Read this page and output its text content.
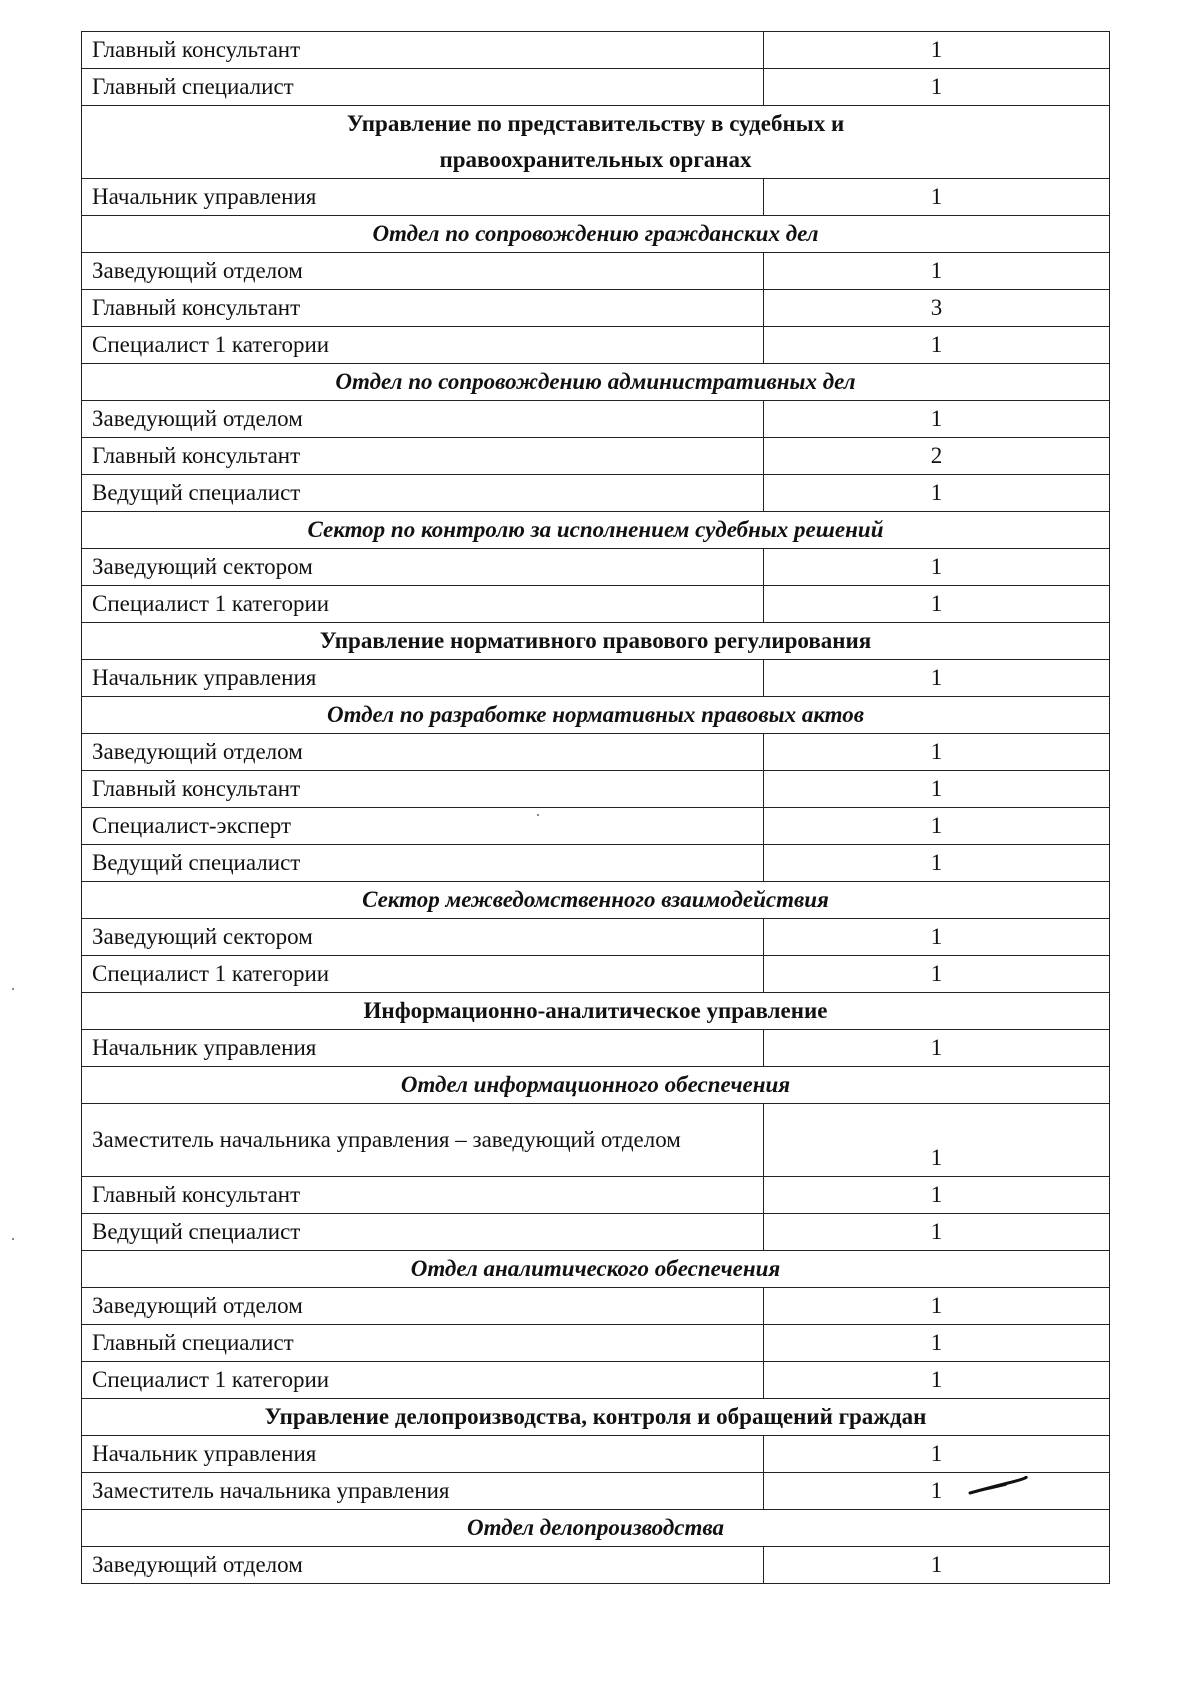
Главный консультант	1
Главный специалист	1
Управление по представительству в судебных и правоохранительных органах	
Начальник управления	1
Отдел по сопровождению гражданских дел	
Заведующий отделом	1
Главный консультант	3
Специалист 1 категории	1
Отдел по сопровождению административных дел	
Заведующий отделом	1
Главный консультант	2
Ведущий специалист	1
Сектор по контролю за исполнением судебных решений	
Заведующий сектором	1
Специалист 1 категории	1
Управление нормативного правового регулирования	
Начальник управления	1
Отдел по разработке нормативных правовых актов	
Заведующий отделом	1
Главный консультант	1
Специалист-эксперт	1
Ведущий специалист	1
Сектор межведомственного взаимодействия	
Заведующий сектором	1
Специалист 1 категории	1
Информационно-аналитическое управление	
Начальник управления	1
Отдел информационного обеспечения	
Заместитель начальника управления – заведующий отделом	1
Главный консультант	1
Ведущий специалист	1
Отдел аналитического обеспечения	
Заведующий отделом	1
Главный специалист	1
Специалист 1 категории	1
Управление делопроизводства, контроля и обращений граждан	
Начальник управления	1
Заместитель начальника управления	1
Отдел делопроизводства	
Заведующий отделом	1
